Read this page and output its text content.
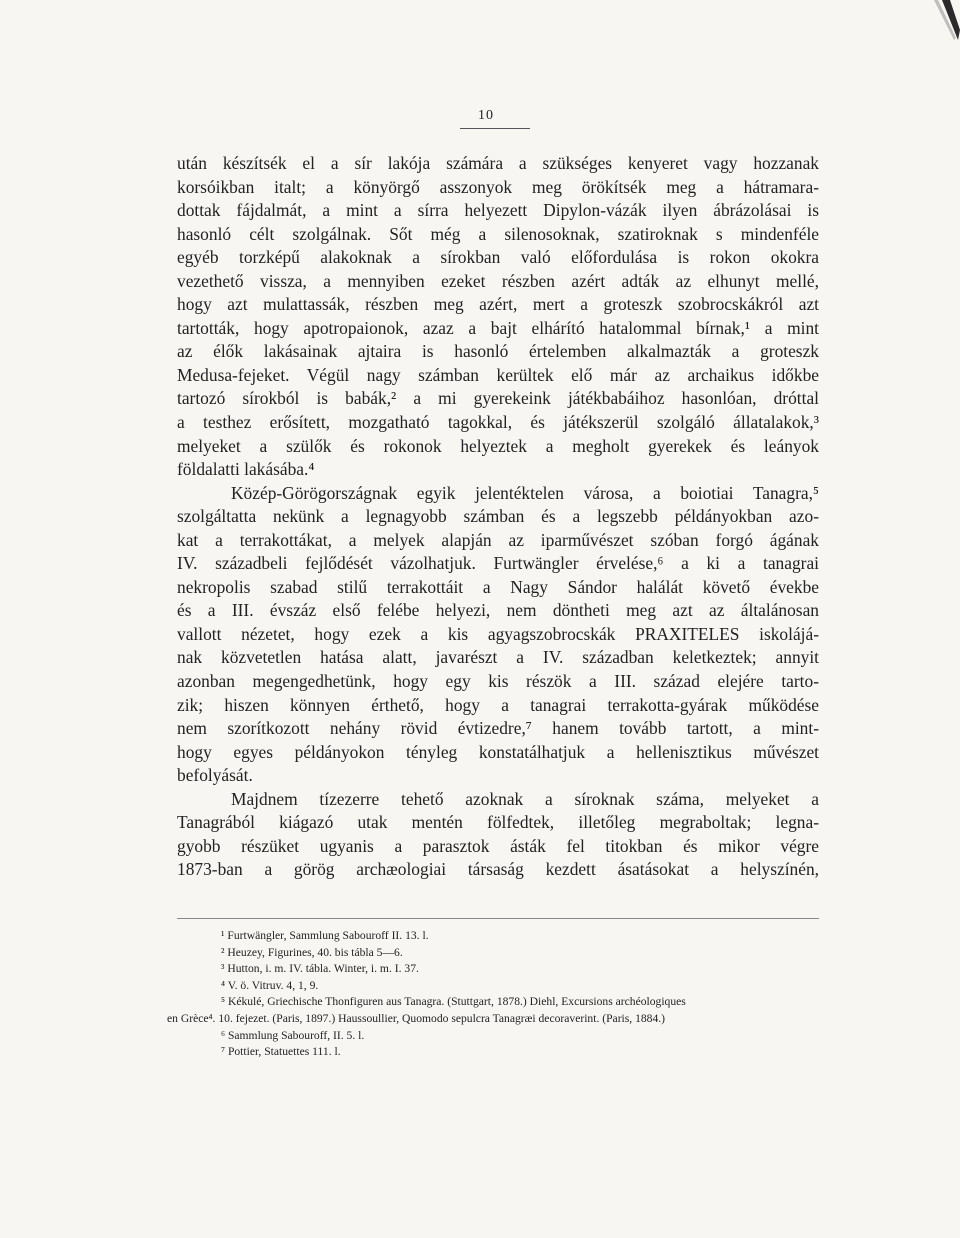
10
után készítsék el a sír lakója számára a szükséges kenyeret vagy hozzanak
korsóikban italt; a könyörgő asszonyok meg örökítsék meg a hátramara-
dottak fájdalmát, a mint a sírra helyezett Dipylon-vázák ilyen ábrázolásai is
hasonló célt szolgálnak. Sőt még a silenosoknak, szatiroknak s mindenféle
egyéb torzképű alakoknak a sírokban való előfordulása is rokon okokra
vezethető vissza, a mennyiben ezeket részben azért adták az elhunyt mellé,
hogy azt mulattassák, részben meg azért, mert a groteszk szobrocskákról azt
tartották, hogy apotropaionok, azaz a bajt elhárító hatalommal bírnak,¹ a mint
az élők lakásainak ajtaira is hasonló értelemben alkalmazták a groteszk
Medusa-fejeket. Végül nagy számban kerültek elő már az archaikus időkbe
tartozó sírokból is babák,² a mi gyerekeink játékbabáihoz hasonlóan, dróttal
a testhez erősített, mozgatható tagokkal, és játékszerül szolgáló állatalakok,³
melyeket a szülők és rokonok helyeztek a megholt gyerekek és leányok
földalatti lakásába.⁴
Közép-Görögországnak egyik jelentéktelen városa, a boiotiai Tanagra,⁵
szolgáltatta nekünk a legnagyobb számban és a legszebb példányokban azo-
kat a terrakottákat, a melyek alapján az iparművészet szóban forgó ágának
IV. századbeli fejlődését vázolhatjuk. Furtwängler érvelése,⁶ a ki a tanagrai
nekropolis szabad stilű terrakottáit a Nagy Sándor halálát követő évekbe
és a III. évszáz első felébe helyezi, nem döntheti meg azt az általánosan
vallott nézetet, hogy ezek a kis agyagszobrocskák PRAXITELES iskolájá-
nak közvetetlen hatása alatt, javarészt a IV. században keletkeztek; annyit
azonban megengedhetünk, hogy egy kis részök a III. század elejére tarto-
zik; hiszen könnyen érthető, hogy a tanagrai terrakotta-gyárak működése
nem szorítkozott nehány rövid évtizedre,⁷ hanem tovább tartott, a mint-
hogy egyes példányokon tényleg konstatálhatjuk a hellenisztikus művészet
befolyását.
Majdnem tízezerre tehető azoknak a síroknak száma, melyeket a
Tanagrából kiágazó utak mentén fölfedtek, illetőleg megraboltak; legna-
gyobb részüket ugyanis a parasztok ásták fel titokban és mikor végre
1873-ban a görög archæologiai társaság kezdett ásatásokat a helyszínén,
¹ Furtwängler, Sammlung Sabouroff II. 13. l.
² Heuzey, Figurines, 40. bis tábla 5—6.
³ Hutton, i. m. IV. tábla. Winter, i. m. I. 37.
⁴ V. ö. Vitruv. 4, 1, 9.
⁵ Kékulé, Griechische Thonfiguren aus Tanagra. (Stuttgart, 1878.) Diehl, Excursions archéologiques
en Grèce⁴. 10. fejezet. (Paris, 1897.) Haussoullier, Quomodo sepulcra Tanagræi decoraverint. (Paris, 1884.)
⁶ Sammlung Sabouroff, II. 5. l.
⁷ Pottier, Statuettes 111. l.
